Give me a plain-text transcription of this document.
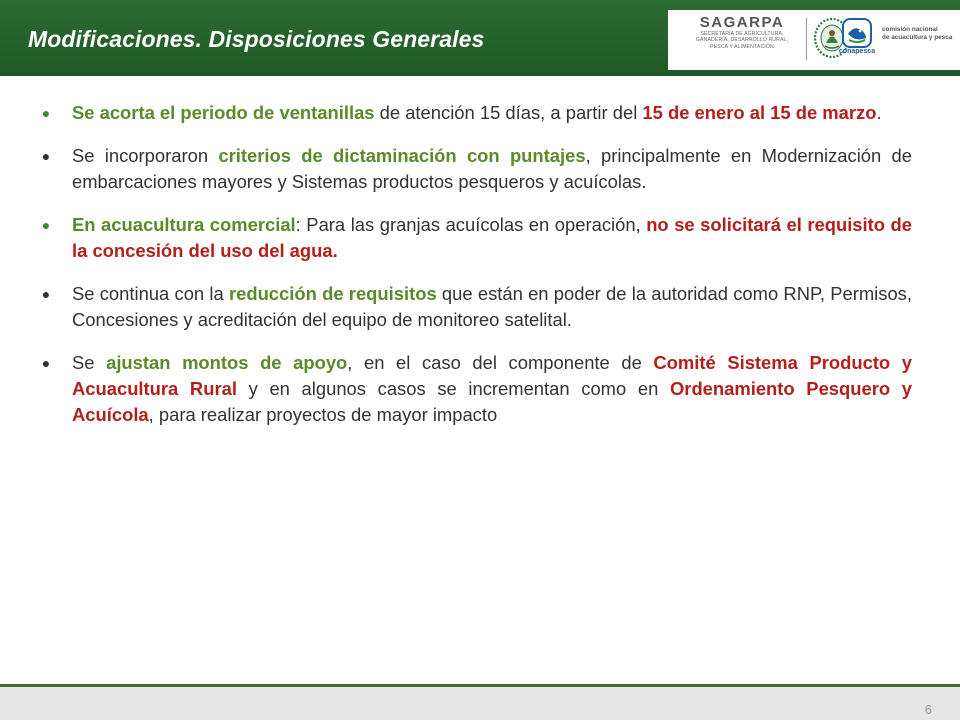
Modificaciones. Disposiciones Generales
SAGARPA
SECRETARÍA DE AGRICULTURA,
GANADERÍA, DESARROLLO RURAL,
PESCA Y ALIMENTACIÓN
conapesca
comisión nacional
de acuacultura y pesca
● Se acorta el periodo de ventanillas de atención 15 días, a partir del 15 de enero al 15 de marzo.
● Se incorporaron criterios de dictaminación con puntajes, principalmente en Modernización de embarcaciones mayores y Sistemas productos pesqueros y acuícolas.
● En acuacultura comercial: Para las granjas acuícolas en operación, no se solicitará el requisito de la concesión del uso del agua.
● Se continua con la reducción de requisitos que están en poder de la autoridad como RNP, Permisos, Concesiones y acreditación del equipo de monitoreo satelital.
● Se ajustan montos de apoyo, en el caso del componente de Comité Sistema Producto y Acuacultura Rural y en algunos casos se incrementan como en Ordenamiento Pesquero y Acuícola, para realizar proyectos de mayor impacto
6
